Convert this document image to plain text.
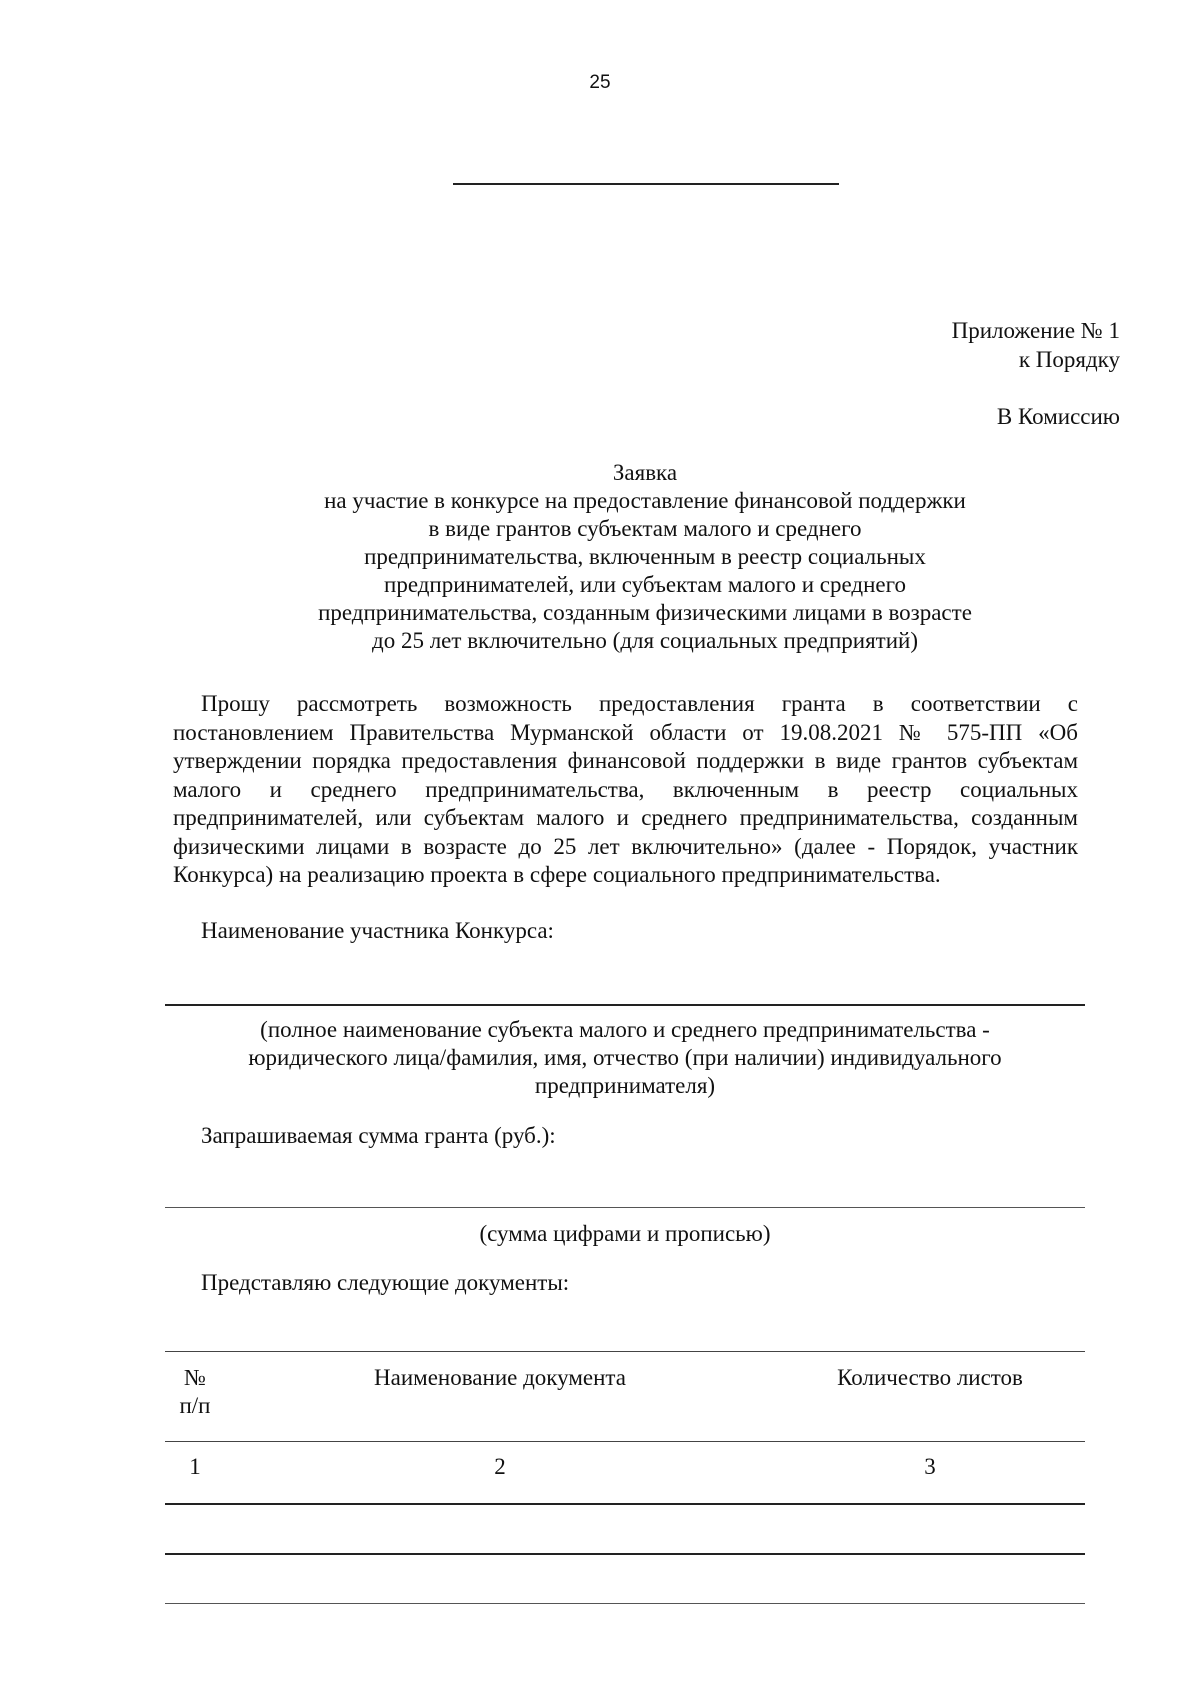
25
Приложение № 1
к Порядку
В Комиссию
Заявка
на участие в конкурсе на предоставление финансовой поддержки
в виде грантов субъектам малого и среднего
предпринимательства, включенным в реестр социальных
предпринимателей, или субъектам малого и среднего
предпринимательства, созданным физическими лицами в возрасте
до 25 лет включительно (для социальных предприятий)

Прошу рассмотреть возможность предоставления гранта в соответствии с постановлением Правительства Мурманской области от 19.08.2021 № 575-ПП «Об утверждении порядка предоставления финансовой поддержки в виде грантов субъектам малого и среднего предпринимательства, включенным в реестр социальных предпринимателей, или субъектам малого и среднего предпринимательства, созданным физическими лицами в возрасте до 25 лет включительно» (далее - Порядок, участник Конкурса) на реализацию проекта в сфере социального предпринимательства.

Наименование участника Конкурса:
(полное наименование субъекта малого и среднего предпринимательства -
юридического лица/фамилия, имя, отчество (при наличии) индивидуального
предпринимателя)
Запрашиваемая сумма гранта (руб.):
(сумма цифрами и прописью)
Представляю следующие документы:
№
п/п	Наименование документа	Количество листов
1	2	3
